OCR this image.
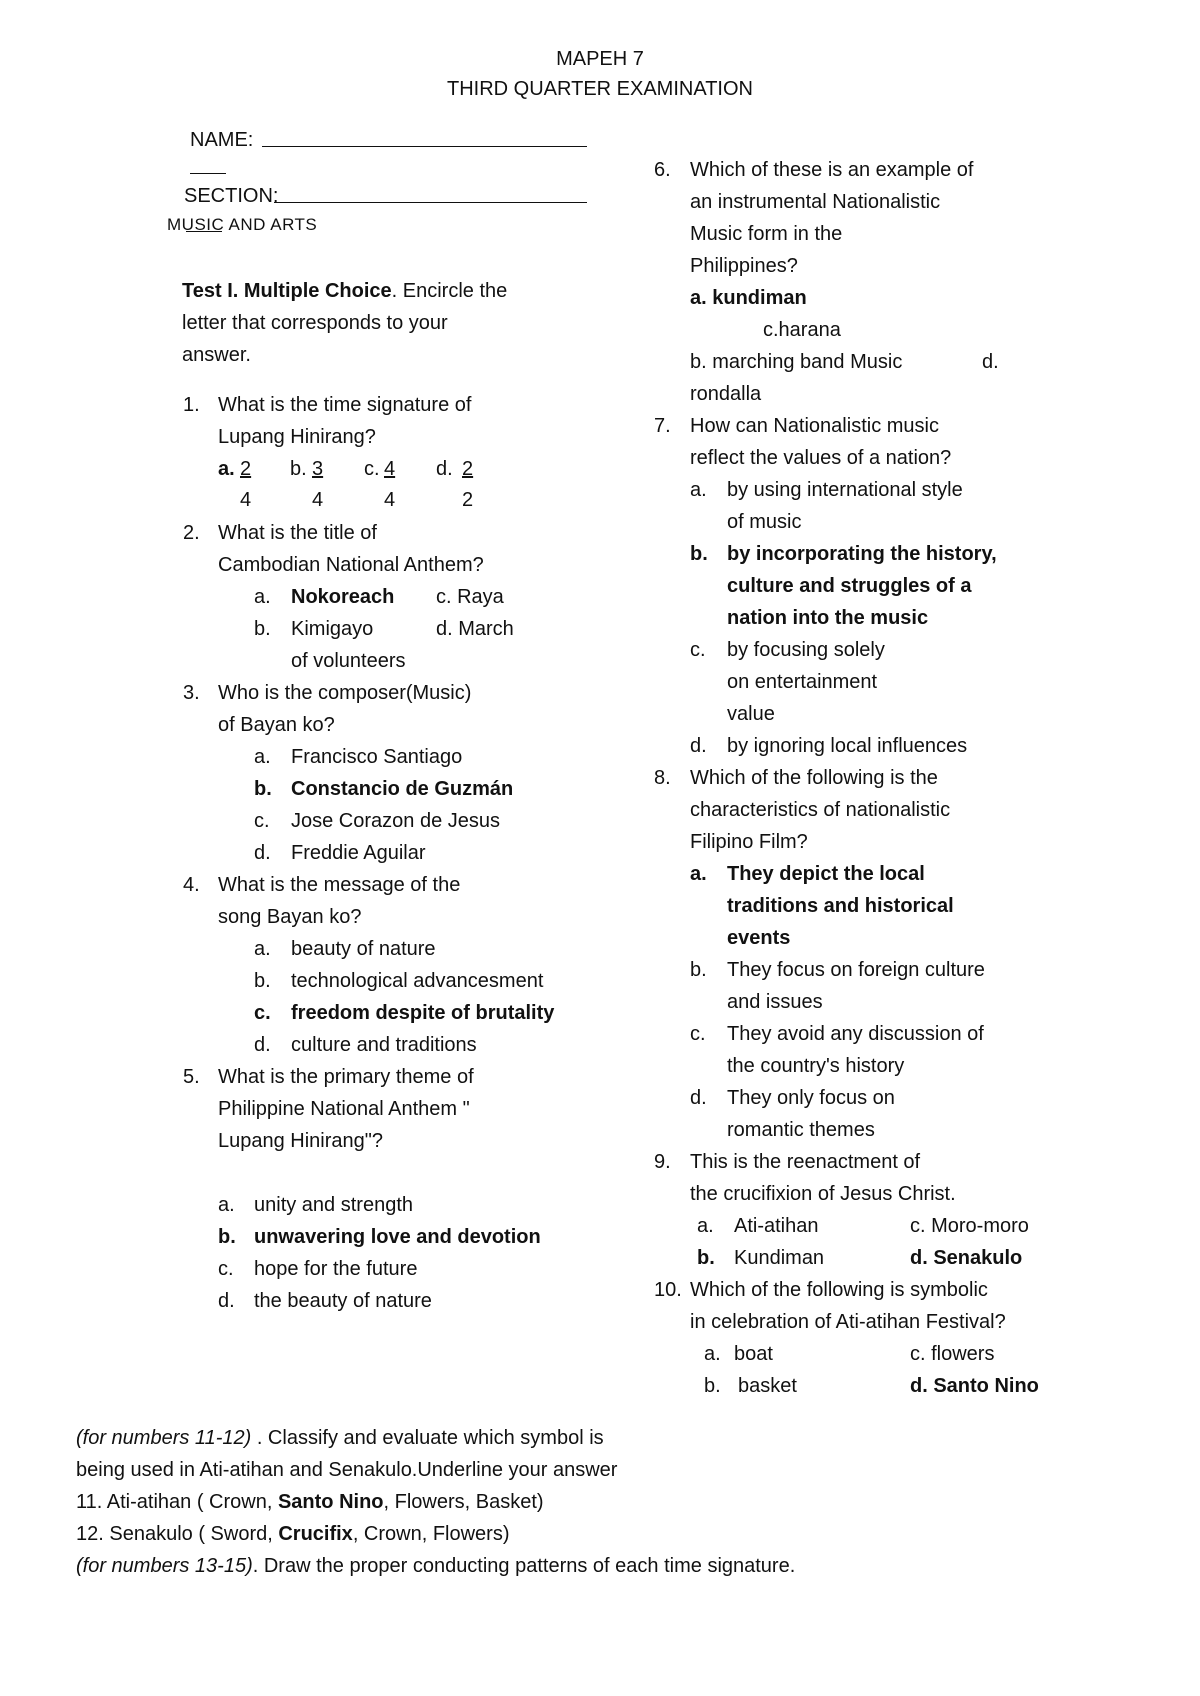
MAPEH 7
THIRD QUARTER EXAMINATION
NAME:
SECTION:
MUSIC AND ARTS
Test I. Multiple Choice. Encircle the
letter that corresponds to your
answer.
1. What is the time signature of
Lupang Hinirang?
a. 2
4
b. 3
4
c. 4
4
d. 2
2
2. What is the title of
Cambodian National Anthem?
a. Nokoreach c. Raya
b. Kimigayo	d. March
of volunteers
3. Who is the composer(Music)
of Bayan ko?
a. Francisco Santiago
b. Constancio de Guzmán
c. Jose Corazon de Jesus
d. Freddie Aguilar
4. What is the message of the
song Bayan ko?
a. beauty of nature
b. technological advancesment
c. freedom despite of brutality
d. culture and traditions
5. What is the primary theme of
Philippine National Anthem "
Lupang Hinirang"?
a. unity and strength
b. unwavering love and devotion
c. hope for the future
d. the beauty of nature
6. Which of these is an example of
an instrumental Nationalistic
Music form in the
Philippines?
a. kundiman
c.harana
b. marching band Music	d.
rondalla
7. How can Nationalistic music
reflect the values of a nation?
a. by using international style
of music
b. by incorporating the history,
culture and struggles of a
nation into the music
c. by focusing solely
on entertainment
value
d. by ignoring local influences
8. Which of the following is the
characteristics of nationalistic
Filipino Film?
a. They depict the local
traditions and historical
events
b. They focus on foreign culture
and issues
c. They avoid any discussion of
the country's history
d. They only focus on
romantic themes
9. This is the reenactment of
the crucifixion of Jesus Christ.
a. Ati-atihan	c. Moro-moro
b. Kundiman	d. Senakulo
10. Which of the following is symbolic
in celebration of Ati-atihan Festival?
a. boat	c. flowers
b. basket	d. Santo Nino
(for numbers 11-12) . Classify and evaluate which symbol is
being used in Ati-atihan and Senakulo.Underline your answer
11. Ati-atihan ( Crown, Santo Nino, Flowers, Basket)
12. Senakulo ( Sword, Crucifix, Crown, Flowers)
(for numbers 13-15). Draw the proper conducting patterns of each time signature.
